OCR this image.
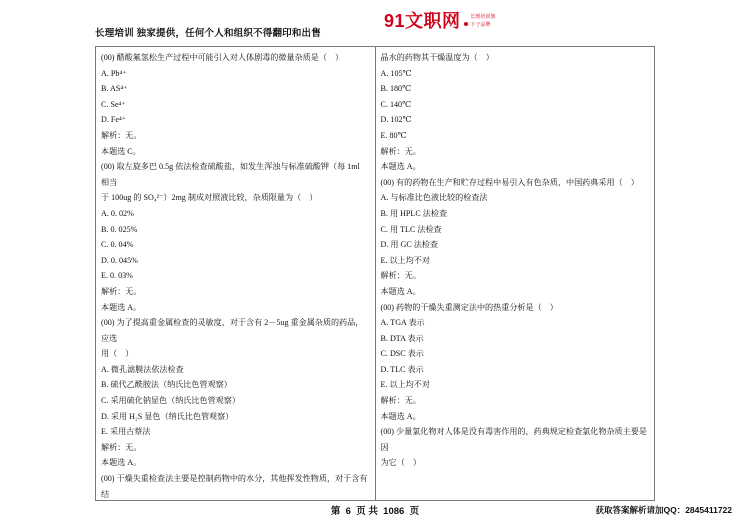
长理培训 独家提供，任何个人和组织不得翻印和出售
91文职网 长理培训旗
下子品牌
(00) 醋酸氟氢松生产过程中可能引入对人体剧毒的微量杂质是（    ）
A. Pb⁴⁺
B. AS⁴⁺
C. Se⁴⁺
D. Fe⁴⁺
解析：无。
本题选 C。
(00) 取左旋多巴 0.5g 依法检查硫酸盐，如发生浑浊与标准硫酸钾（每 1ml 相当
于 100ug 的 SO₄²⁻）2mg 制成对照液比较，杂质限量为（    ）
A. 0. 02%
B. 0. 025%
C. 0. 04%
D. 0. 045%
E. 0. 03%
解析：无。
本题选 A。
(00) 为了提高重金属检查的灵敏度，对于含有 2－5ug 重金属杂质的药品，应选
用（    ）
A. 微孔滤膜法依法检查
B. 硫代乙酰胺法（纳氏比色管观察）
C. 采用硫化钠显色（纳氏比色管观察）
D. 采用 H₂S 显色（纳氏比色管观察）
E. 采用古蔡法
解析：无。
本题选 A。
(00) 干燥失重检查法主要是控制药物中的水分，其他挥发性物质，对于含有结
晶水的药物其干燥温度为（    ）
A. 105℃
B. 180℃
C. 140℃
D. 102℃
E. 80℃
解析：无。
本题选 A。
(00) 有的药物在生产和贮存过程中易引入有色杂质，中国药典采用（    ）
A. 与标准比色液比较的检查法
B. 用 HPLC 法检查
C. 用 TLC 法检查
D. 用 GC 法检查
E. 以上均不对
解析：无。
本题选 A。
(00) 药物的干燥失重测定法中的热重分析是（    ）
A. TGA 表示
B. DTA 表示
C. DSC 表示
D. TLC 表示
E. 以上均不对
解析：无。
本题选 A。
(00) 少量氯化物对人体是没有毒害作用的，药典规定检查氯化物杂质主要是因
为它（    ）
第 6 页 共 1086 页	获取答案解析请加QQ：2845411722
